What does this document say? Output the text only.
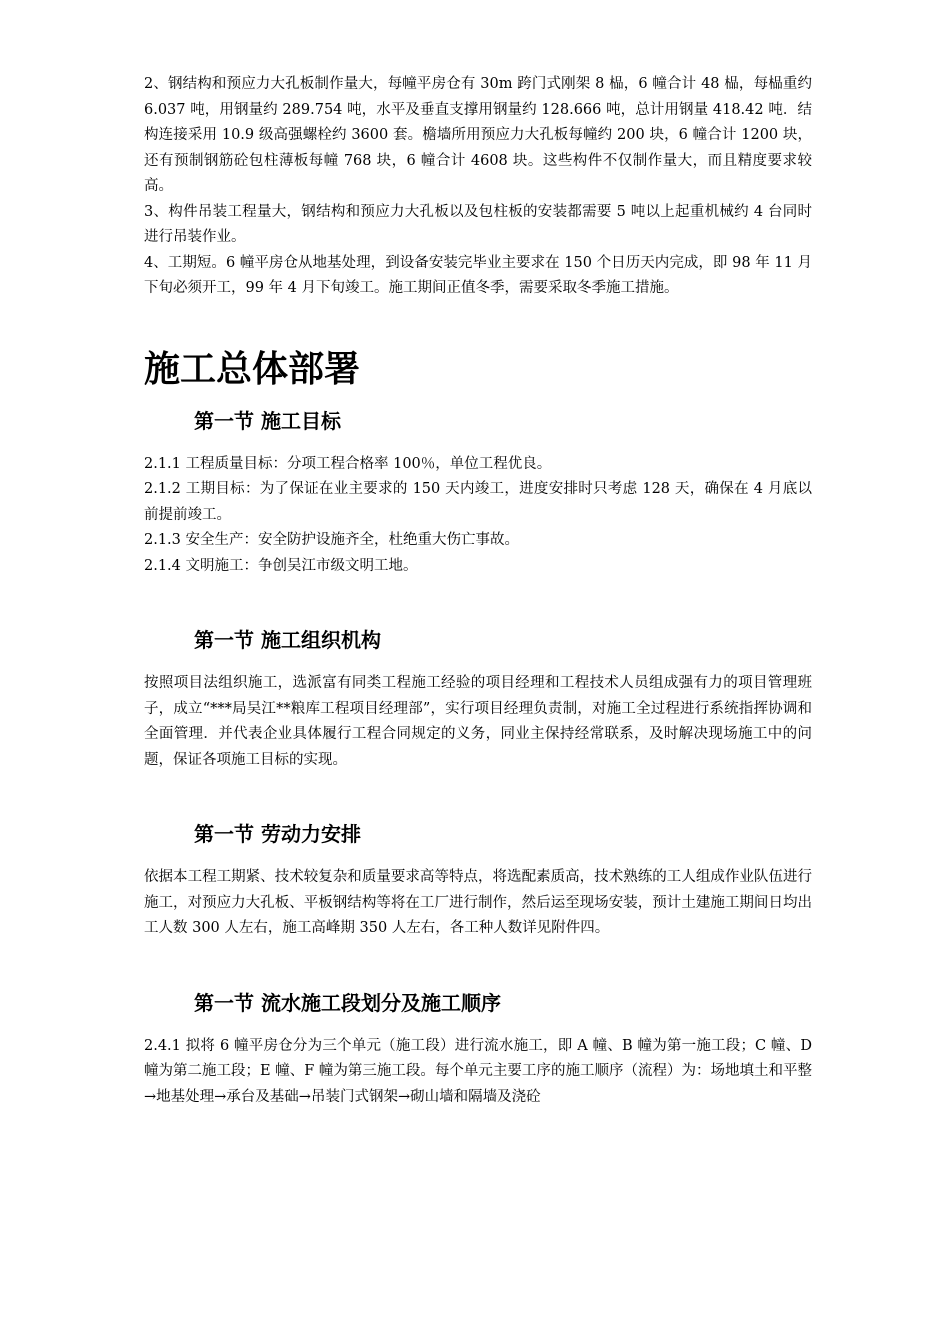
2、钢结构和预应力大孔板制作量大，每幢平房仓有 30m 跨门式刚架 8 榀，6 幢合计 48 榀，每榀重约 6.037 吨，用钢量约 289.754 吨，水平及垂直支撑用钢量约 128.666 吨，总计用钢量 418.42 吨．结构连接采用 10.9 级高强螺栓约 3600 套。檐墙所用预应力大孔板每幢约 200 块，6 幢合计 1200 块，还有预制钢筋砼包柱薄板每幢 768 块，6 幢合计 4608 块。这些构件不仅制作量大，而且精度要求较高。

3、构件吊装工程量大，钢结构和预应力大孔板以及包柱板的安装都需要 5 吨以上起重机械约 4 台同时进行吊装作业。

4、工期短。6 幢平房仓从地基处理，到设备安装完毕业主要求在 150 个日历天内完成，即 98 年 11 月下旬必须开工，99 年 4 月下旬竣工。施工期间正值冬季，需要采取冬季施工措施。

施工总体部署
第一节 施工目标

2.1.1 工程质量目标：分项工程合格率 100％，单位工程优良。

2.1.2 工期目标：为了保证在业主要求的 150 天内竣工，进度安排时只考虑 128 天，确保在 4 月底以前提前竣工。

2.1.3 安全生产：安全防护设施齐全，杜绝重大伤亡事故。

2.1.4 文明施工：争创吴江市级文明工地。

第一节 施工组织机构

按照项目法组织施工，选派富有同类工程施工经验的项目经理和工程技术人员组成强有力的项目管理班子，成立“***局吴江**粮库工程项目经理部”，实行项目经理负责制，对施工全过程进行系统指挥协调和全面管理．并代表企业具体履行工程合同规定的义务，同业主保持经常联系，及时解决现场施工中的问题，保证各项施工目标的实现。

第一节 劳动力安排

依据本工程工期紧、技术较复杂和质量要求高等特点，将选配素质高，技术熟练的工人组成作业队伍进行施工，对预应力大孔板、平板钢结构等将在工厂进行制作，然后运至现场安装，预计土建施工期间日均出工人数 300 人左右，施工高峰期 350 人左右，各工种人数详见附件四。

第一节 流水施工段划分及施工顺序

2.4.1 拟将 6 幢平房仓分为三个单元（施工段）进行流水施工，即 A 幢、B 幢为第一施工段；C 幢、D 幢为第二施工段；E 幢、F 幢为第三施工段。每个单元主要工序的施工顺序（流程）为：场地填土和平整→地基处理→承台及基础→吊装门式钢架→砌山墙和隔墙及浇砼
